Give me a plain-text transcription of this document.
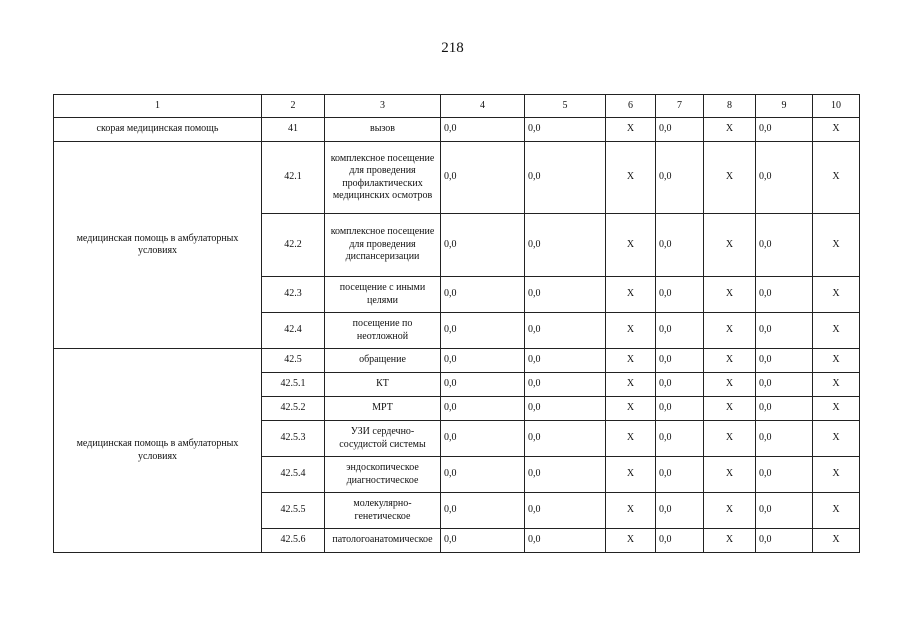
218
1	2	3	4	5	6	7	8	9	10
скорая медицинская помощь	41	вызов	0,0	0,0	X	0,0	X	0,0	X
медицинская помощь в амбулаторных условиях	42.1	комплексное посещение для проведения профилактических медицинских осмотров	0,0	0,0	X	0,0	X	0,0	X
	42.2	комплексное посещение для проведения диспансеризации	0,0	0,0	X	0,0	X	0,0	X
	42.3	посещение с иными целями	0,0	0,0	X	0,0	X	0,0	X
	42.4	посещение по неотложной	0,0	0,0	X	0,0	X	0,0	X
медицинская помощь в амбулаторных условиях	42.5	обращение	0,0	0,0	X	0,0	X	0,0	X
	42.5.1	КТ	0,0	0,0	X	0,0	X	0,0	X
	42.5.2	МРТ	0,0	0,0	X	0,0	X	0,0	X
	42.5.3	УЗИ сердечно-сосудистой системы	0,0	0,0	X	0,0	X	0,0	X
	42.5.4	эндоскопическое диагностическое	0,0	0,0	X	0,0	X	0,0	X
	42.5.5	молекулярно-генетическое	0,0	0,0	X	0,0	X	0,0	X
	42.5.6	патологоанатомическое	0,0	0,0	X	0,0	X	0,0	X
